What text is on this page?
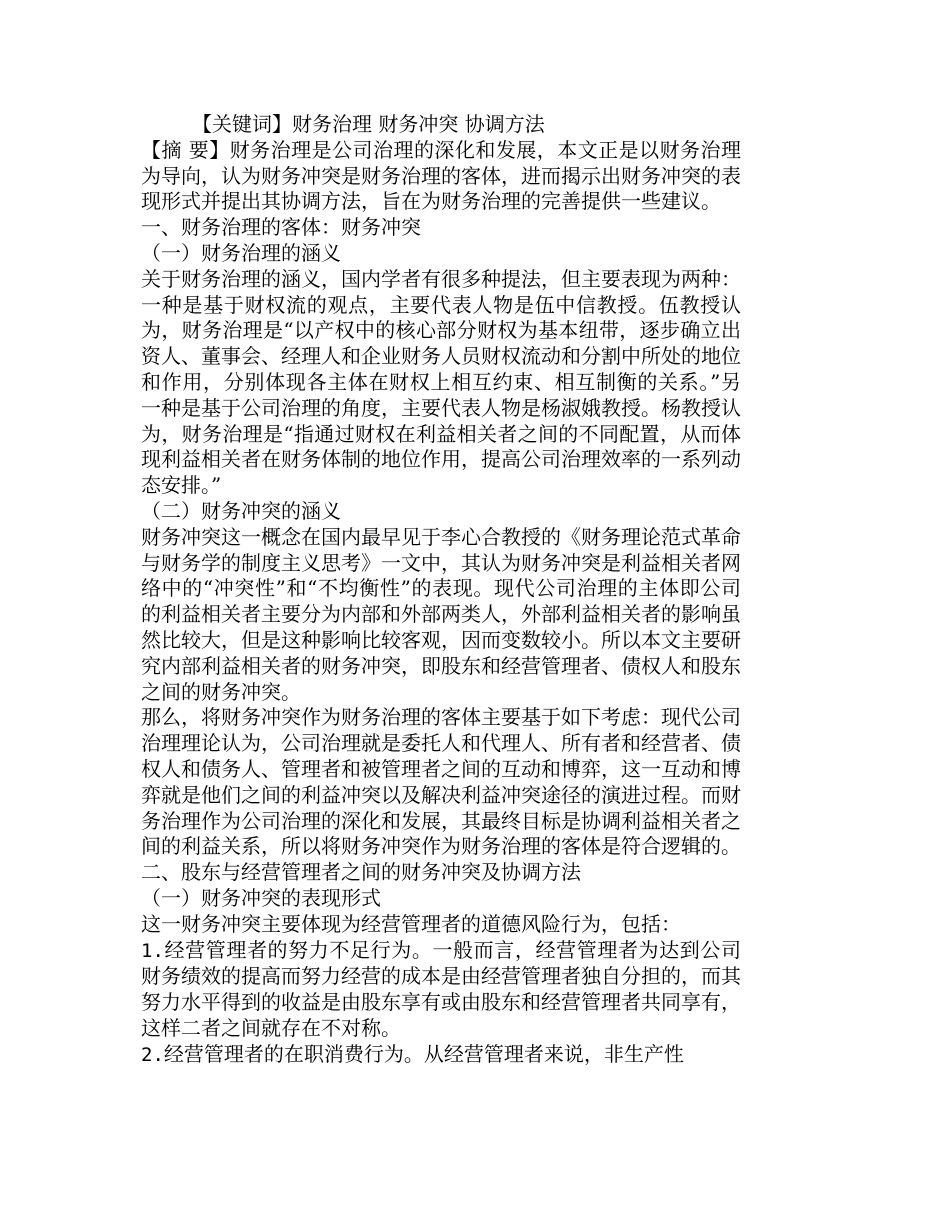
【关键词】财务治理 财务冲突 协调方法

【摘 要】财务治理是公司治理的深化和发展，本文正是以财务治理为导向，认为财务冲突是财务治理的客体，进而揭示出财务冲突的表现形式并提出其协调方法，旨在为财务治理的完善提供一些建议。

一、财务治理的客体：财务冲突

（一）财务治理的涵义

关于财务治理的涵义，国内学者有很多种提法，但主要表现为两种：一种是基于财权流的观点，主要代表人物是伍中信教授。伍教授认为，财务治理是“以产权中的核心部分财权为基本纽带，逐步确立出资人、董事会、经理人和企业财务人员财权流动和分割中所处的地位和作用，分别体现各主体在财权上相互约束、相互制衡的关系。”另一种是基于公司治理的角度，主要代表人物是杨淑娥教授。杨教授认为，财务治理是“指通过财权在利益相关者之间的不同配置，从而体现利益相关者在财务体制的地位作用，提高公司治理效率的一系列动态安排。”

（二）财务冲突的涵义

财务冲突这一概念在国内最早见于李心合教授的《财务理论范式革命与财务学的制度主义思考》一文中，其认为财务冲突是利益相关者网络中的“冲突性”和“不均衡性”的表现。现代公司治理的主体即公司的利益相关者主要分为内部和外部两类人，外部利益相关者的影响虽然比较大，但是这种影响比较客观，因而变数较小。所以本文主要研究内部利益相关者的财务冲突，即股东和经营管理者、债权人和股东之间的财务冲突。

那么，将财务冲突作为财务治理的客体主要基于如下考虑：现代公司治理理论认为，公司治理就是委托人和代理人、所有者和经营者、债权人和债务人、管理者和被管理者之间的互动和博弈，这一互动和博弈就是他们之间的利益冲突以及解决利益冲突途径的演进过程。而财务治理作为公司治理的深化和发展，其最终目标是协调利益相关者之间的利益关系，所以将财务冲突作为财务治理的客体是符合逻辑的。

二、股东与经营管理者之间的财务冲突及协调方法

（一）财务冲突的表现形式

这一财务冲突主要体现为经营管理者的道德风险行为，包括：

1.经营管理者的努力不足行为。一般而言，经营管理者为达到公司财务绩效的提高而努力经营的成本是由经营管理者独自分担的，而其努力水平得到的收益是由股东享有或由股东和经营管理者共同享有，这样二者之间就存在不对称。

2.经营管理者的在职消费行为。从经营管理者来说，非生产性
